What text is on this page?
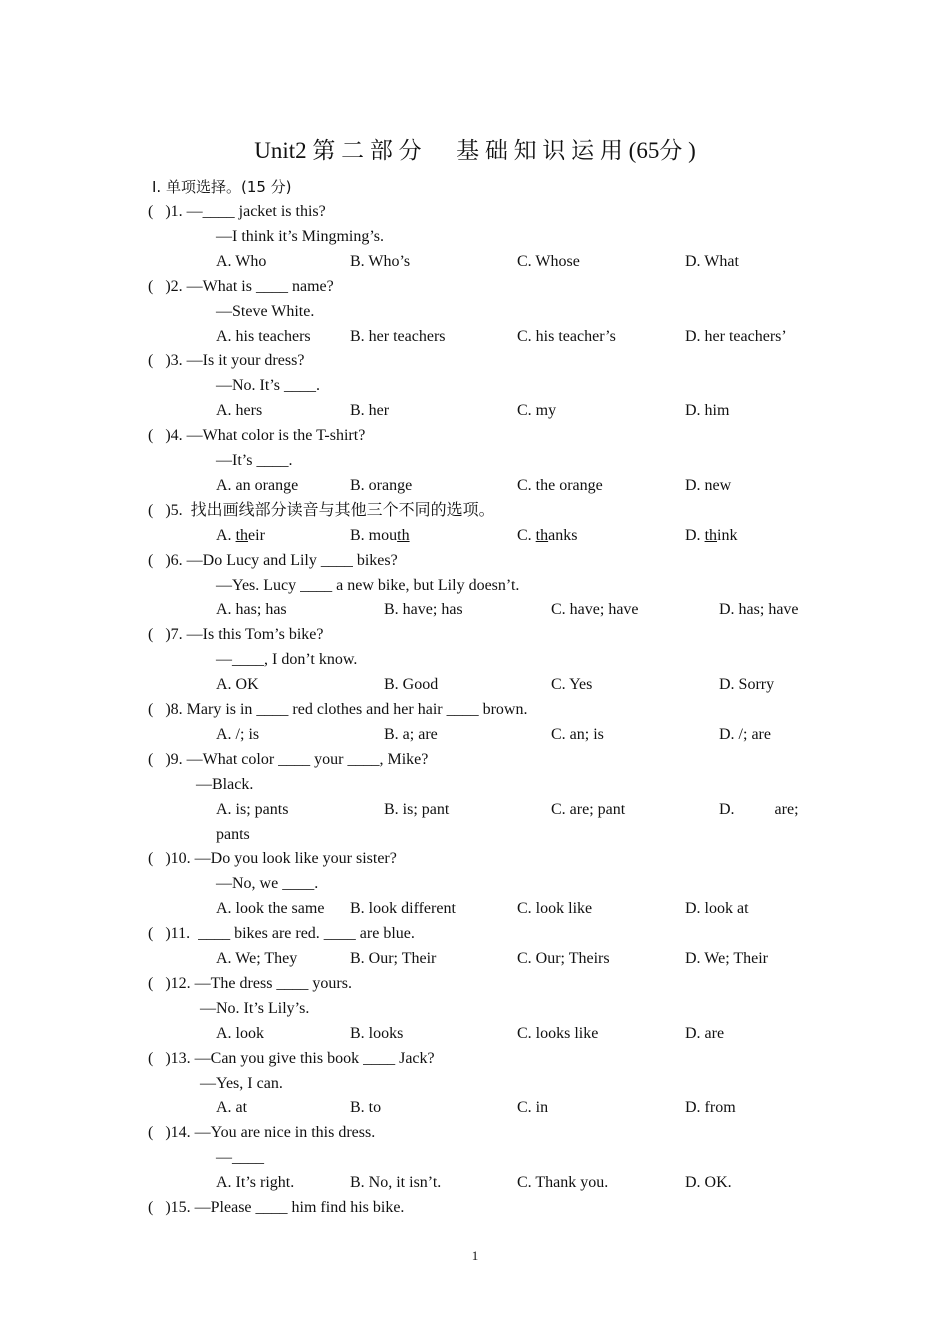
Unit2 第 二 部 分      基 础 知 识 运 用 (65分 )
Ⅰ. 单项选择。(15 分)
(   )1. —____ jacket is this?
—I think it’s Mingming’s.
A. Who	B. Who’s	C. Whose	D. What
(   )2. —What is ____ name?
—Steve White.
A. his teachers B. her teachers	C. his teacher’s	D. her teachers’
(   )3. —Is it your dress?
—No. It’s ____.
A. hers	B. her	C. my	D. him
(   )4. —What color is the T-shirt?
—It’s ____.
A. an orange	B. orange	C. the orange	D. new
(   )5.  找出画线部分读音与其他三个不同的选项。
A. their	B. mouth	C. thanks	D. think
(   )6. —Do Lucy and Lily ____ bikes?
—Yes. Lucy ____ a new bike, but Lily doesn’t.
A. has; has	B. have; has	C. have; have	D. has; have
(   )7. —Is this Tom’s bike?
—____, I don’t know.
A. OK	B. Good	C. Yes	D. Sorry
(   )8. Mary is in ____ red clothes and her hair ____ brown.
A. /; is	B. a; are	C. an; is	D. /; are
(   )9. —What color ____ your ____, Mike?
—Black.
A. is; pants	B. is; pant	C. are; pant	D.          are;
pants
(   )10. —Do you look like your sister?
—No, we ____.
A. look the same B. look different	C. look like	D. look at
(   )11.  ____ bikes are red. ____ are blue.
A. We; They	B. Our; Their	C. Our; Theirs	D. We; Their
(   )12. —The dress ____ yours.
—No. It’s Lily’s.
A. look	B. looks	C. looks like	D. are
(   )13. —Can you give this book ____ Jack?
—Yes, I can.
A. at	B. to	C. in	D. from
(   )14. —You are nice in this dress.
—____
A. It’s right.	B. No, it isn’t.	C. Thank you.	D. OK.
(   )15. —Please ____ him find his bike.
1
